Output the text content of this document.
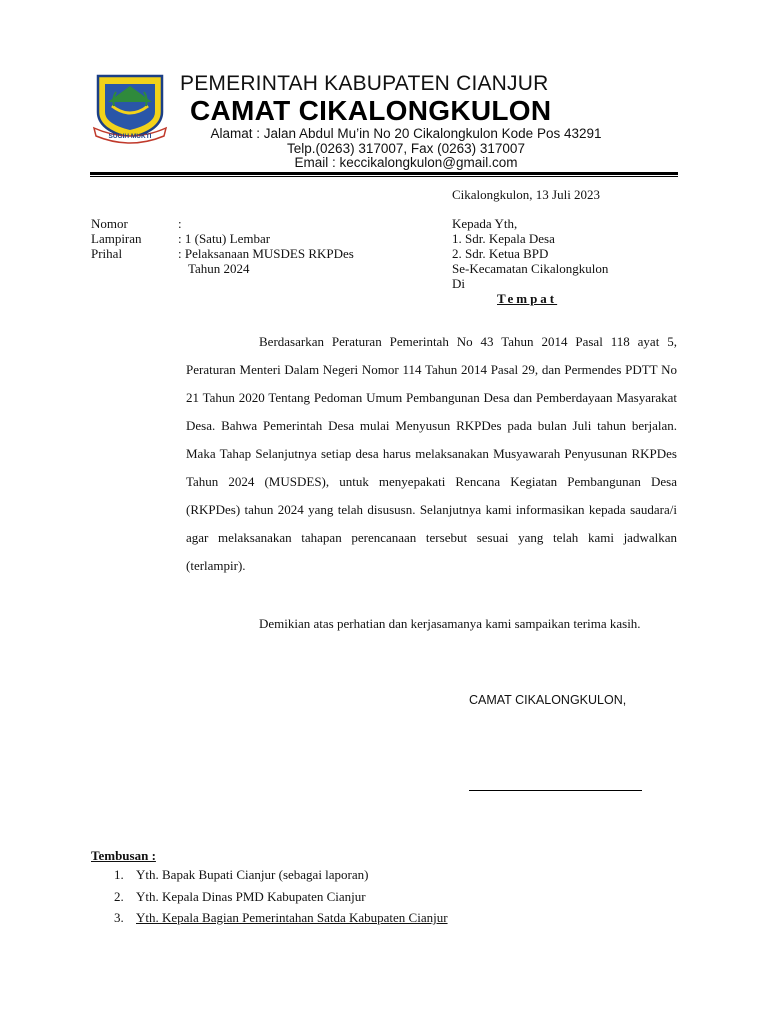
SUGIH MUKTI
PEMERINTAH KABUPATEN CIANJUR
CAMAT CIKALONGKULON
Alamat : Jalan Abdul Mu’in No 20 Cikalongkulon Kode Pos 43291
Telp.(0263) 317007, Fax (0263) 317007
Email : keccikalongkulon@gmail.com
Cikalongkulon, 13 Juli 2023
Nomor	:
Lampiran	: 1 (Satu) Lembar
Prihal	: Pelaksanaan MUSDES RKPDes
Tahun 2024
Kepada Yth,
1. Sdr. Kepala Desa
2. Sdr. Ketua BPD
Se-Kecamatan Cikalongkulon
Di
Tempat
Berdasarkan Peraturan Pemerintah No 43 Tahun 2014 Pasal 118 ayat 5, Peraturan Menteri Dalam Negeri Nomor 114 Tahun 2014 Pasal 29, dan Permendes PDTT No 21 Tahun 2020 Tentang Pedoman Umum Pembangunan Desa dan Pemberdayaan Masyarakat Desa. Bahwa Pemerintah Desa mulai Menyusun RKPDes pada bulan Juli tahun berjalan. Maka Tahap Selanjutnya setiap desa harus melaksanakan Musyawarah Penyusunan RKPDes Tahun 2024 (MUSDES), untuk menyepakati Rencana Kegiatan Pembangunan Desa (RKPDes) tahun 2024 yang telah disususn. Selanjutnya kami informasikan kepada saudara/i agar melaksanakan tahapan perencanaan tersebut sesuai yang telah kami jadwalkan (terlampir).
Demikian atas perhatian dan kerjasamanya kami sampaikan terima kasih.
CAMAT CIKALONGKULON,
Tembusan :
1. Yth. Bapak Bupati Cianjur (sebagai laporan)
2. Yth. Kepala Dinas PMD Kabupaten Cianjur
3. Yth. Kepala Bagian Pemerintahan Satda Kabupaten Cianjur
